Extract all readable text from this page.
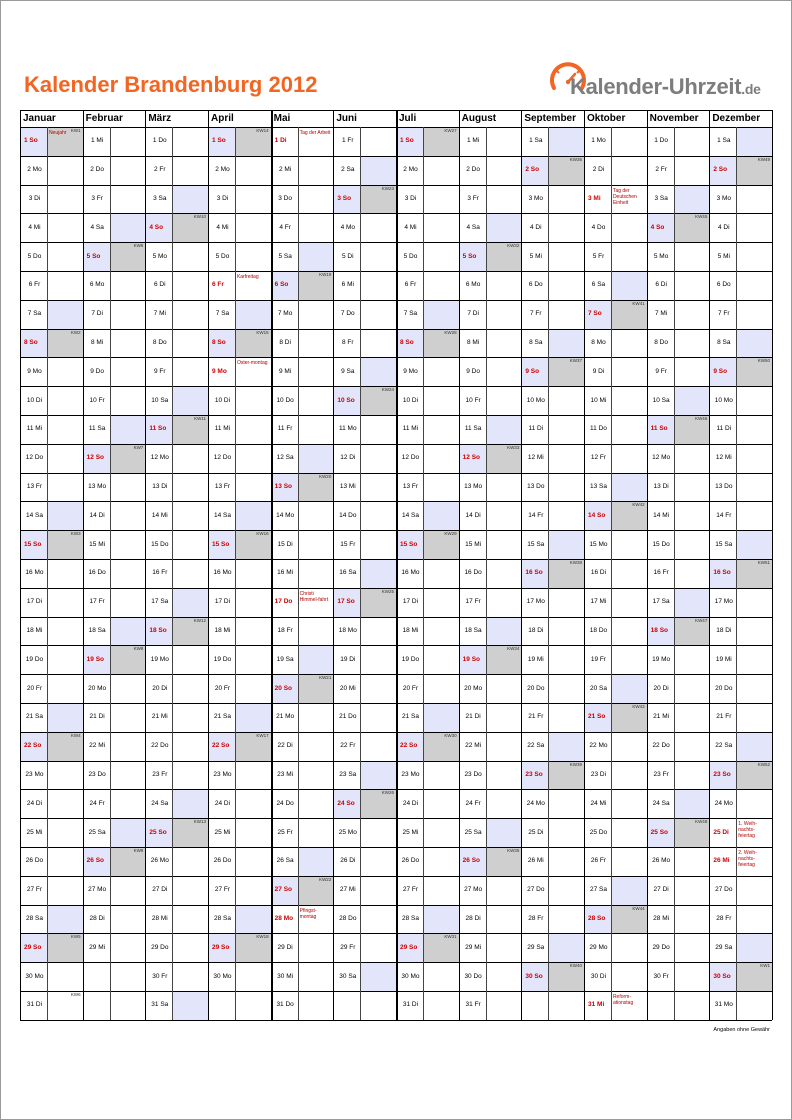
Kalender Brandenburg 2012	Kalender-Uhrzeit.de
Januar
1 So
Neujahr KW1
2 Mo
3 Di
4 Mi
5 Do
6 Fr
7 Sa
8 So
KW2
9 Mo
10 Di
11 Mi
12 Do
13 Fr
14 Sa
15 So
KW3
16 Mo
17 Di
18 Mi
19 Do
20 Fr
21 Sa
22 So
KW4
23 Mo
24 Di
25 Mi
26 Do
27 Fr
28 Sa
29 So
KW5
30 Mo
31 Di
KW6
Februar
1 Mi
2 Do
3 Fr
4 Sa
5 So
KW6
6 Mo
7 Di
8 Mi
9 Do
10 Fr
11 Sa
12 So
KW7
13 Mo
14 Di
15 Mi
16 Do
17 Fr
18 Sa
19 So
KW8
20 Mo
21 Di
22 Mi
23 Do
24 Fr
25 Sa
26 So
KW9
27 Mo
28 Di
29 Mi
März
1 Do
2 Fr
3 Sa
4 So
KW10
5 Mo
6 Di
7 Mi
8 Do
9 Fr
10 Sa
11 So
KW11
12 Mo
13 Di
14 Mi
15 Do
16 Fr
17 Sa
18 So
KW12
19 Mo
20 Di
21 Mi
22 Do
23 Fr
24 Sa
25 So
KW13
26 Mo
27 Di
28 Mi
29 Do
30 Fr
31 Sa
April
1 So
KW14
2 Mo
3 Di
4 Mi
5 Do
6 Fr
Karfreitag
7 Sa
8 So
KW15
9 Mo
Oster-montag
10 Di
11 Mi
12 Do
13 Fr
14 Sa
15 So
KW16
16 Mo
17 Di
18 Mi
19 Do
20 Fr
21 Sa
22 So
KW17
23 Mo
24 Di
25 Mi
26 Do
27 Fr
28 Sa
29 So
KW18
30 Mo
Mai
1 Di
Tag der Arbeit
2 Mi
3 Do
4 Fr
5 Sa
6 So
KW19
7 Mo
8 Di
9 Mi
10 Do
11 Fr
12 Sa
13 So
KW20
14 Mo
15 Di
16 Mi
17 Do
Christi Himmel-fahrt
18 Fr
19 Sa
20 So
KW21
21 Mo
22 Di
23 Mi
24 Do
25 Fr
26 Sa
27 So
KW22
28 Mo
Pfingst-montag
29 Di
30 Mi
31 Do
Juni
1 Fr
2 Sa
3 So
KW23
4 Mo
5 Di
6 Mi
7 Do
8 Fr
9 Sa
10 So
KW24
11 Mo
12 Di
13 Mi
14 Do
15 Fr
16 Sa
17 So
KW25
18 Mo
19 Di
20 Mi
21 Do
22 Fr
23 Sa
24 So
KW26
25 Mo
26 Di
27 Mi
28 Do
29 Fr
30 Sa
Juli
1 So
KW27
2 Mo
3 Di
4 Mi
5 Do
6 Fr
7 Sa
8 So
KW28
9 Mo
10 Di
11 Mi
12 Do
13 Fr
14 Sa
15 So
KW29
16 Mo
17 Di
18 Mi
19 Do
20 Fr
21 Sa
22 So
KW30
23 Mo
24 Di
25 Mi
26 Do
27 Fr
28 Sa
29 So
KW31
30 Mo
31 Di
August
1 Mi
2 Do
3 Fr
4 Sa
5 So
KW32
6 Mo
7 Di
8 Mi
9 Do
10 Fr
11 Sa
12 So
KW33
13 Mo
14 Di
15 Mi
16 Do
17 Fr
18 Sa
19 So
KW34
20 Mo
21 Di
22 Mi
23 Do
24 Fr
25 Sa
26 So
KW35
27 Mo
28 Di
29 Mi
30 Do
31 Fr
September
1 Sa
2 So
KW36
3 Mo
4 Di
5 Mi
6 Do
7 Fr
8 Sa
9 So
KW37
10 Mo
11 Di
12 Mi
13 Do
14 Fr
15 Sa
16 So
KW38
17 Mo
18 Di
19 Mi
20 Do
21 Fr
22 Sa
23 So
KW39
24 Mo
25 Di
26 Mi
27 Do
28 Fr
29 Sa
30 So
KW40
Oktober
1 Mo
2 Di
3 Mi
Tag der Deutschen Einheit
4 Do
5 Fr
6 Sa
7 So
KW41
8 Mo
9 Di
10 Mi
11 Do
12 Fr
13 Sa
14 So
KW42
15 Mo
16 Di
17 Mi
18 Do
19 Fr
20 Sa
21 So
KW43
22 Mo
23 Di
24 Mi
25 Do
26 Fr
27 Sa
28 So
KW44
29 Mo
30 Di
31 Mi
Reform-ationstag
November
1 Do
2 Fr
3 Sa
4 So
KW45
5 Mo
6 Di
7 Mi
8 Do
9 Fr
10 Sa
11 So
KW46
12 Mo
13 Di
14 Mi
15 Do
16 Fr
17 Sa
18 So
KW47
19 Mo
20 Di
21 Mi
22 Do
23 Fr
24 Sa
25 So
KW48
26 Mo
27 Di
28 Mi
29 Do
30 Fr
Dezember
1 Sa
2 So
KW49
3 Mo
4 Di
5 Mi
6 Do
7 Fr
8 Sa
9 So
KW50
10 Mo
11 Di
12 Mi
13 Do
14 Fr
15 Sa
16 So
KW51
17 Mo
18 Di
19 Mi
20 Do
21 Fr
22 Sa
23 So
KW52
24 Mo
25 Di
1. Weih-nachts-feiertag
26 Mi
2. Weih-nachts-feiertag
27 Do
28 Fr
29 Sa
30 So
KW1
31 Mo
Angaben ohne Gewähr
